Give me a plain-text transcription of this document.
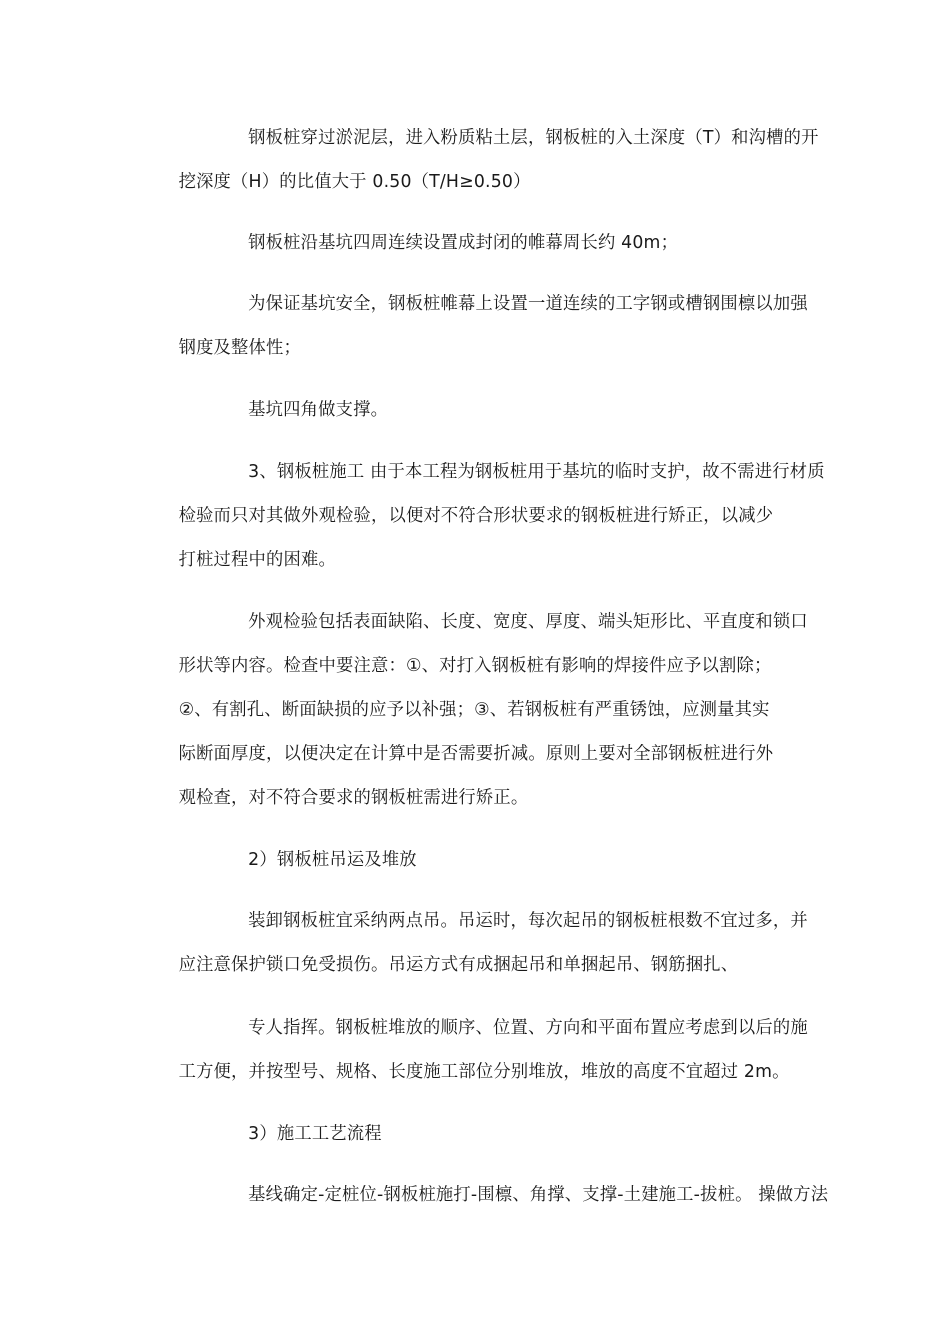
钢板桩穿过淤泥层，进入粉质粘土层，钢板桩的入土深度（T）和沟槽的开 挖深度（H）的比值大于 0.50（T/H≥0.50）
钢板桩沿基坑四周连续设置成封闭的帷幕周长约 40m；
为保证基坑安全，钢板桩帷幕上设置一道连续的工字钢或槽钢围檩以加强 钢度及整体性；
基坑四角做支撑。
3、钢板桩施工 由于本工程为钢板桩用于基坑的临时支护，故不需进行材质 检验而只对其做外观检验，以便对不符合形状要求的钢板桩进行矫正，以减少 打桩过程中的困难。
外观检验包括表面缺陷、长度、宽度、厚度、端头矩形比、平直度和锁口 形状等内容。检查中要注意：①、对打入钢板桩有影响的焊接件应予以割除； ②、有割孔、断面缺损的应予以补强；③、若钢板桩有严重锈蚀，应测量其实 际断面厚度，以便决定在计算中是否需要折减。原则上要对全部钢板桩进行外 观检查，对不符合要求的钢板桩需进行矫正。
2）钢板桩吊运及堆放
装卸钢板桩宜采纳两点吊。吊运时，每次起吊的钢板桩根数不宜过多，并 应注意保护锁口免受损伤。吊运方式有成捆起吊和单捆起吊、钢筋捆扎、
专人指挥。钢板桩堆放的顺序、位置、方向和平面布置应考虑到以后的施 工方便，并按型号、规格、长度施工部位分别堆放，堆放的高度不宜超过 2m。
3）施工工艺流程
基线确定-定桩位-钢板桩施打-围檩、角撑、支撑-土建施工-拔桩。 操做方法
